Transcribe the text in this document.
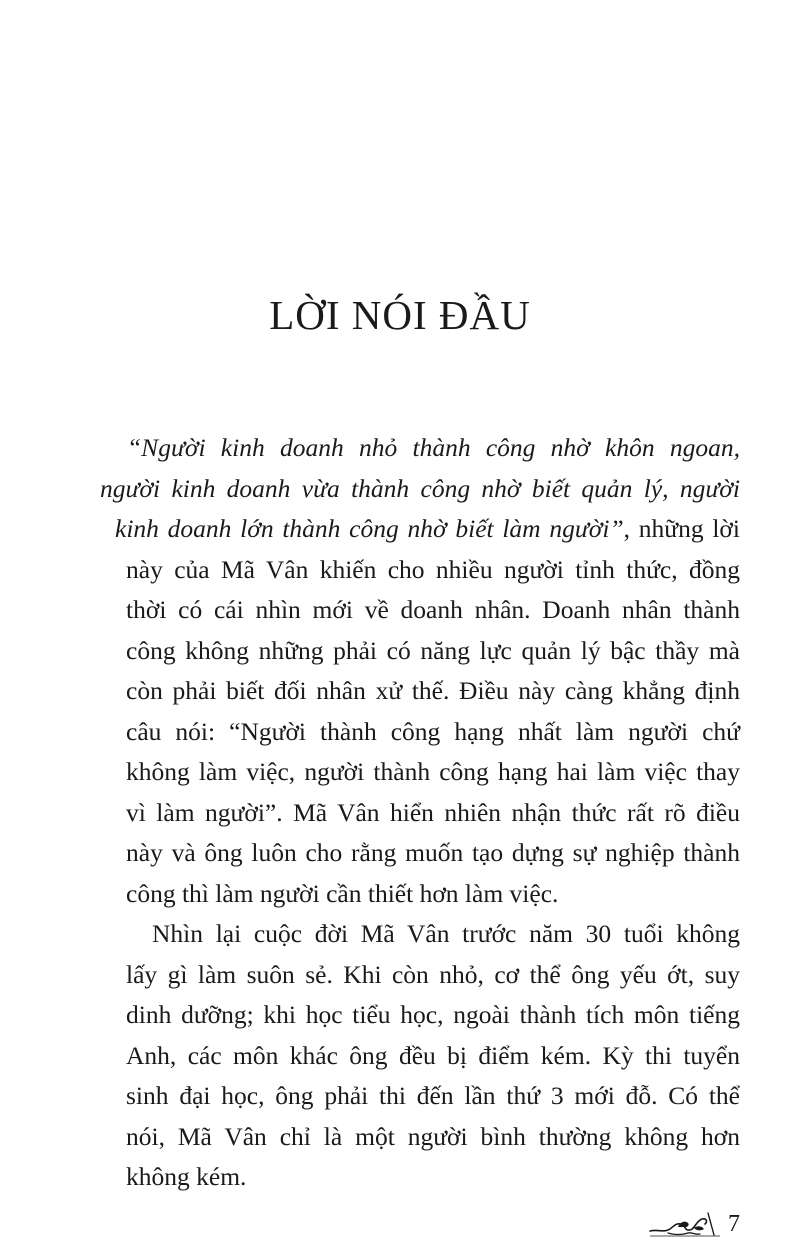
LỜI NÓI ĐẦU

“Người kinh doanh nhỏ thành công nhờ khôn ngoan,
người kinh doanh vừa thành công nhờ biết quản lý, người
kinh doanh lớn thành công nhờ biết làm người”, những lời
này của Mã Vân khiến cho nhiều người tỉnh thức, đồng
thời có cái nhìn mới về doanh nhân. Doanh nhân thành
công không những phải có năng lực quản lý bậc thầy mà
còn phải biết đối nhân xử thế. Điều này càng khẳng định
câu nói: “Người thành công hạng nhất làm người chứ
không làm việc, người thành công hạng hai làm việc thay
vì làm người”. Mã Vân hiển nhiên nhận thức rất rõ điều
này và ông luôn cho rằng muốn tạo dựng sự nghiệp thành
công thì làm người cần thiết hơn làm việc.

Nhìn lại cuộc đời Mã Vân trước năm 30 tuổi không
lấy gì làm suôn sẻ. Khi còn nhỏ, cơ thể ông yếu ớt, suy
dinh dưỡng; khi học tiểu học, ngoài thành tích môn tiếng
Anh, các môn khác ông đều bị điểm kém. Kỳ thi tuyển
sinh đại học, ông phải thi đến lần thứ 3 mới đỗ. Có thể
nói, Mã Vân chỉ là một người bình thường không hơn
không kém.

7
